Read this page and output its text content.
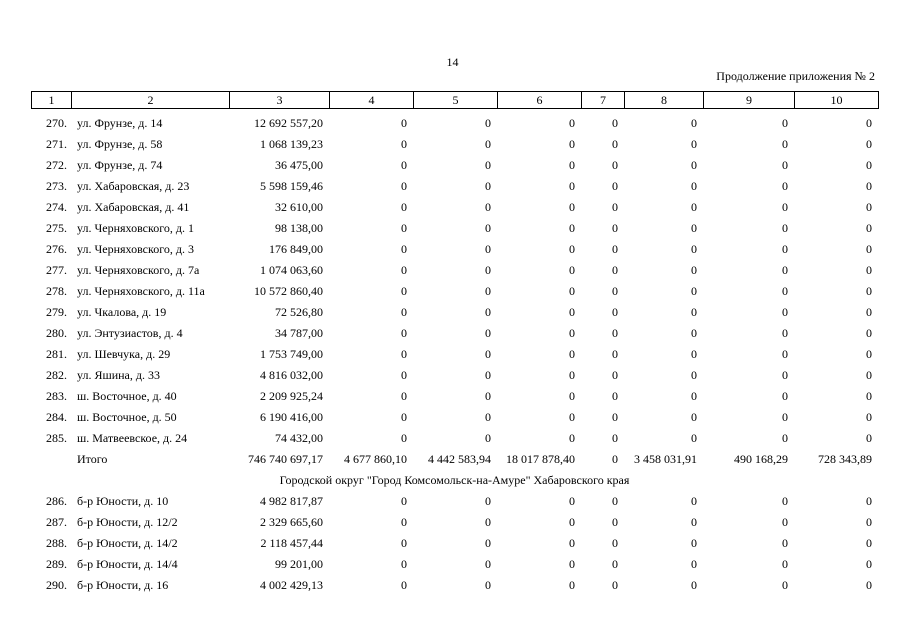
14
Продолжение приложения № 2
1	2	3	4	5	6	7	8	9	10
270.	ул. Фрунзе, д. 14	12 692 557,20	0	0	0	0	0	0	0
271.	ул. Фрунзе, д. 58	1 068 139,23	0	0	0	0	0	0	0
272.	ул. Фрунзе, д. 74	36 475,00	0	0	0	0	0	0	0
273.	ул. Хабаровская, д. 23	5 598 159,46	0	0	0	0	0	0	0
274.	ул. Хабаровская, д. 41	32 610,00	0	0	0	0	0	0	0
275.	ул. Черняховского, д. 1	98 138,00	0	0	0	0	0	0	0
276.	ул. Черняховского, д. 3	176 849,00	0	0	0	0	0	0	0
277.	ул. Черняховского, д. 7а	1 074 063,60	0	0	0	0	0	0	0
278.	ул. Черняховского, д. 11а	10 572 860,40	0	0	0	0	0	0	0
279.	ул. Чкалова, д. 19	72 526,80	0	0	0	0	0	0	0
280.	ул. Энтузиастов, д. 4	34 787,00	0	0	0	0	0	0	0
281.	ул. Шевчука, д. 29	1 753 749,00	0	0	0	0	0	0	0
282.	ул. Яшина, д. 33	4 816 032,00	0	0	0	0	0	0	0
283.	ш. Восточное, д. 40	2 209 925,24	0	0	0	0	0	0	0
284.	ш. Восточное, д. 50	6 190 416,00	0	0	0	0	0	0	0
285.	ш. Матвеевское, д. 24	74 432,00	0	0	0	0	0	0	0
	Итого	746 740 697,17	4 677 860,10	4 442 583,94	18 017 878,40	0	3 458 031,91	490 168,29	728 343,89
Городской округ "Город Комсомольск-на-Амуре" Хабаровского края									
286.	б-р Юности, д. 10	4 982 817,87	0	0	0	0	0	0	0
287.	б-р Юности, д. 12/2	2 329 665,60	0	0	0	0	0	0	0
288.	б-р Юности, д. 14/2	2 118 457,44	0	0	0	0	0	0	0
289.	б-р Юности, д. 14/4	99 201,00	0	0	0	0	0	0	0
290.	б-р Юности, д. 16	4 002 429,13	0	0	0	0	0	0	0
